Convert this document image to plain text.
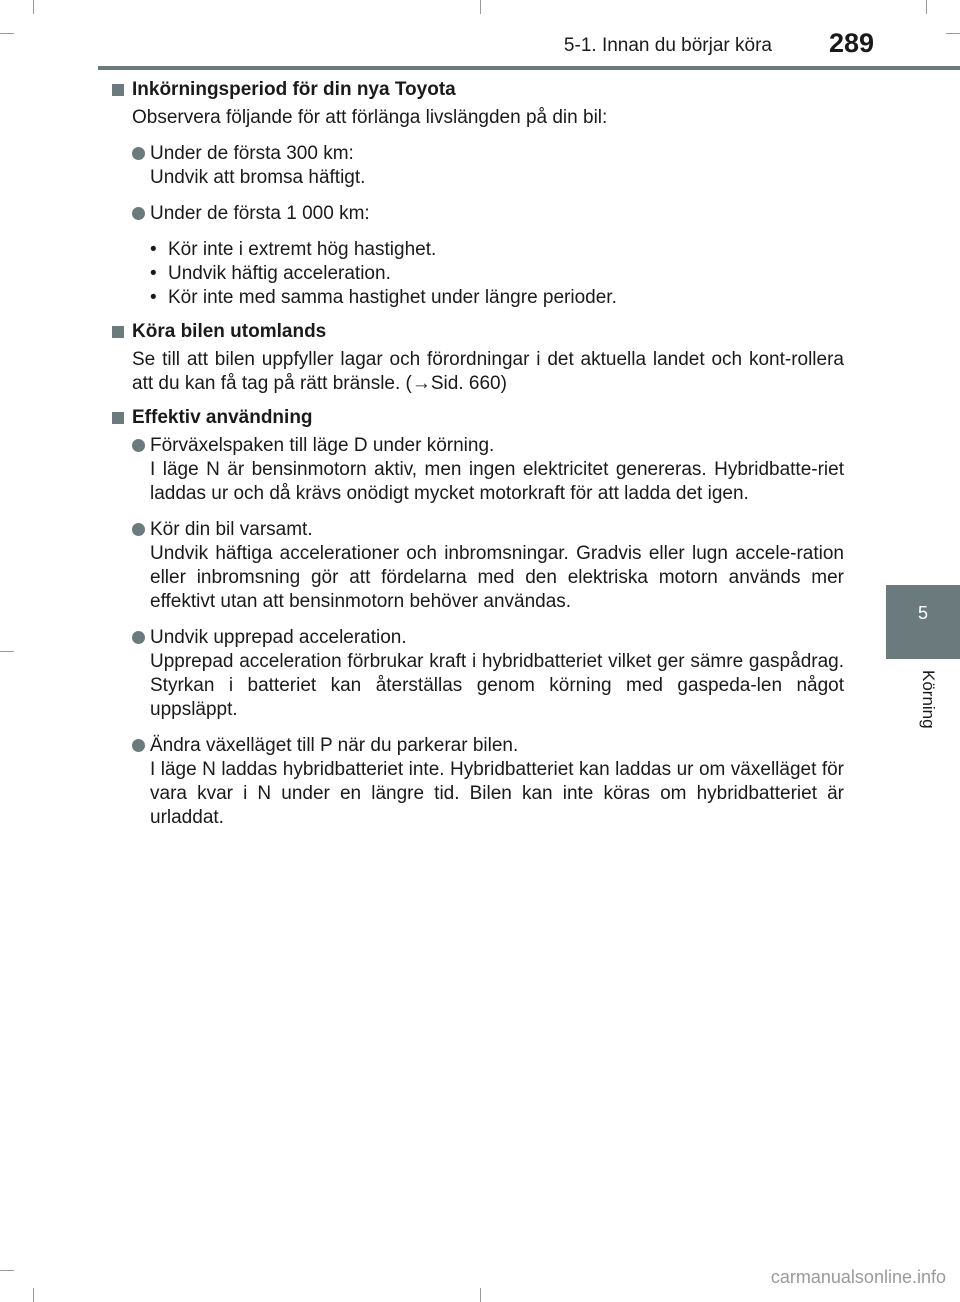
5-1. Innan du börjar köra 289
5
Körning

Inkörningsperiod för din nya Toyota

Observera följande för att förlänga livslängden på din bil:

Under de första 300 km:

Undvik att bromsa häftigt.

Under de första 1 000 km:

• Kör inte i extremt hög hastighet.
• Undvik häftig acceleration.
• Kör inte med samma hastighet under längre perioder.

Köra bilen utomlands

Se till att bilen uppfyller lagar och förordningar i det aktuella landet och kont-rollera att du kan få tag på rätt bränsle. (→Sid. 660)

Effektiv användning

Förväxelspaken till läge D under körning.

I läge N är bensinmotorn aktiv, men ingen elektricitet genereras. Hybridbatte-riet laddas ur och då krävs onödigt mycket motorkraft för att ladda det igen.

Kör din bil varsamt.

Undvik häftiga accelerationer och inbromsningar. Gradvis eller lugn accele-ration eller inbromsning gör att fördelarna med den elektriska motorn används mer effektivt utan att bensinmotorn behöver användas.

Undvik upprepad acceleration.

Upprepad acceleration förbrukar kraft i hybridbatteriet vilket ger sämre gaspådrag. Styrkan i batteriet kan återställas genom körning med gaspeda-len något uppsläppt.

Ändra växelläget till P när du parkerar bilen.

I läge N laddas hybridbatteriet inte. Hybridbatteriet kan laddas ur om växelläget för vara kvar i N under en längre tid. Bilen kan inte köras om hybridbatteriet är urladdat.

carmanualsonline.info
